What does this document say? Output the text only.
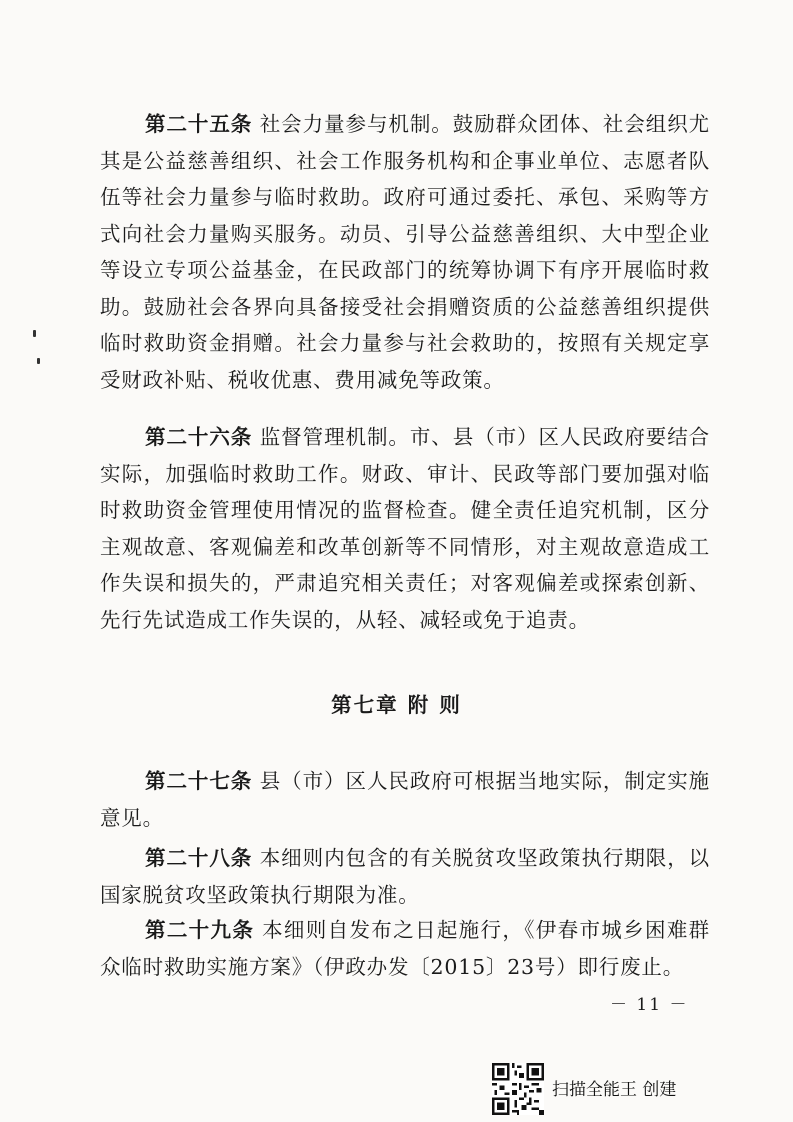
第二十五条 社会力量参与机制。鼓励群众团体、社会组织尤其是公益慈善组织、社会工作服务机构和企事业单位、志愿者队伍等社会力量参与临时救助。政府可通过委托、承包、采购等方式向社会力量购买服务。动员、引导公益慈善组织、大中型企业等设立专项公益基金，在民政部门的统筹协调下有序开展临时救助。鼓励社会各界向具备接受社会捐赠资质的公益慈善组织提供临时救助资金捐赠。社会力量参与社会救助的，按照有关规定享受财政补贴、税收优惠、费用减免等政策。

第二十六条 监督管理机制。市、县（市）区人民政府要结合实际，加强临时救助工作。财政、审计、民政等部门要加强对临时救助资金管理使用情况的监督检查。健全责任追究机制，区分主观故意、客观偏差和改革创新等不同情形，对主观故意造成工作失误和损失的，严肃追究相关责任；对客观偏差或探索创新、先行先试造成工作失误的，从轻、减轻或免于追责。

第七章 附 则

第二十七条 县（市）区人民政府可根据当地实际，制定实施意见。

第二十八条 本细则内包含的有关脱贫攻坚政策执行期限，以国家脱贫攻坚政策执行期限为准。

第二十九条 本细则自发布之日起施行，《伊春市城乡困难群众临时救助实施方案》（伊政办发〔2015〕23号）即行废止。

－ 11 －
扫描全能王 创建
